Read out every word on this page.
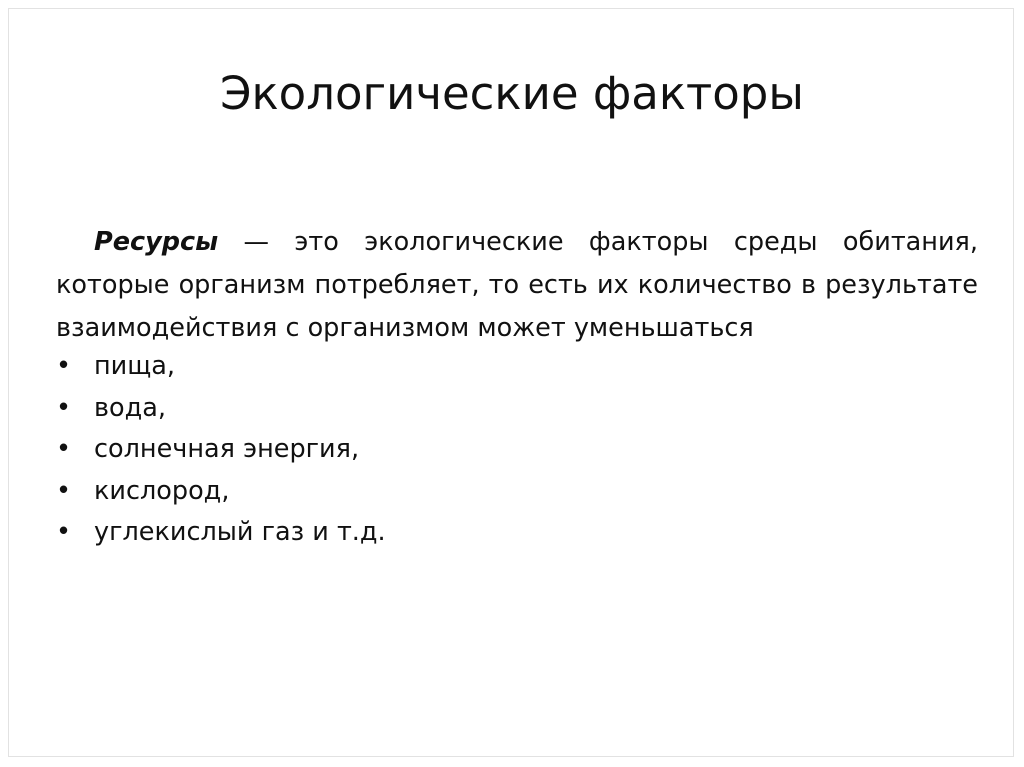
Экологические факторы

Ресурсы — это экологические факторы среды обитания, которые организм потребляет, то есть их количество в результате взаимодействия с организмом может уменьшаться

• пища,
• вода,
• солнечная энергия,
• кислород,
• углекислый газ и т.д.
